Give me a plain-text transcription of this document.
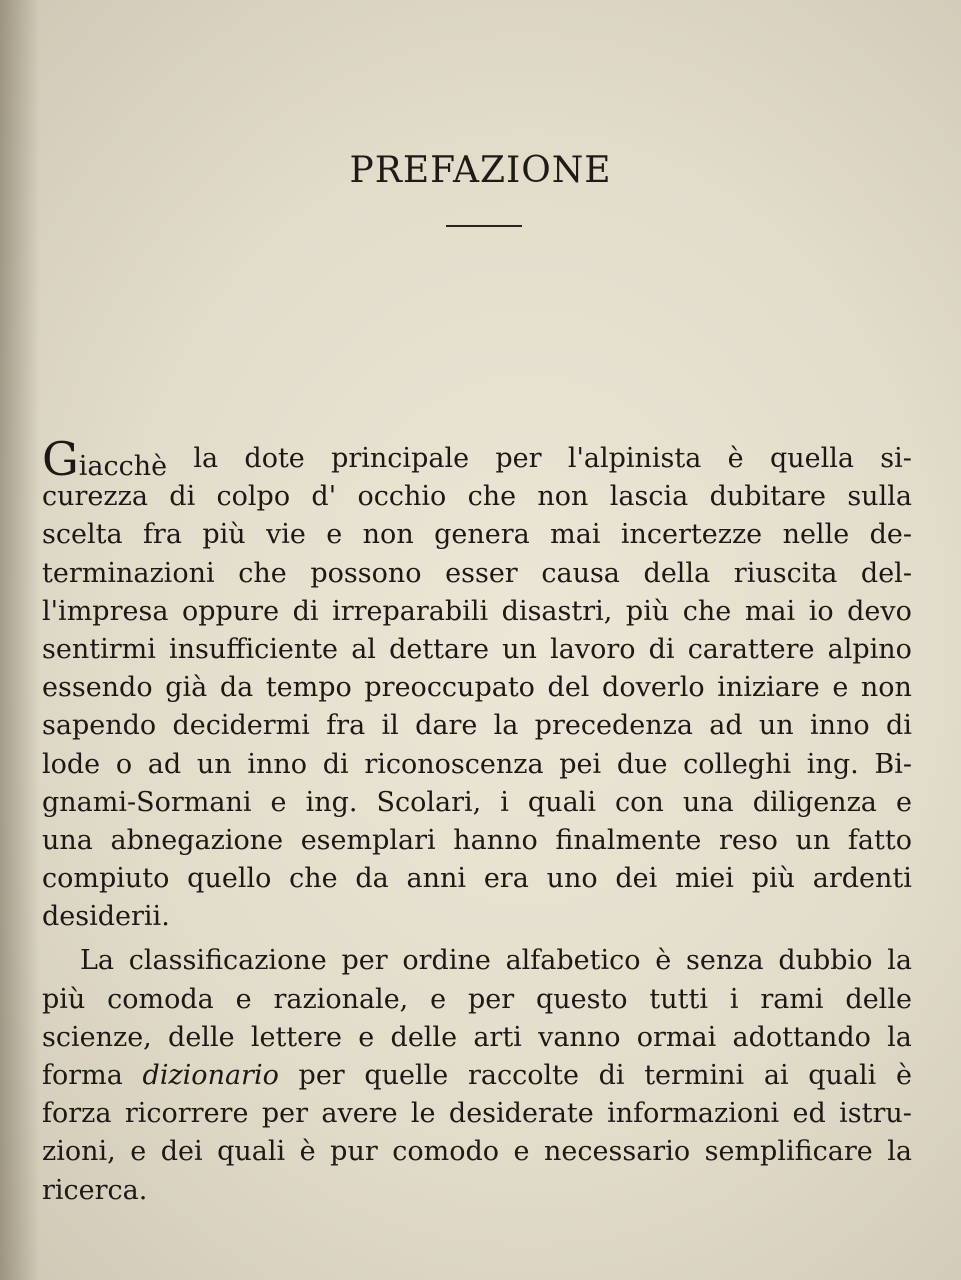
PREFAZIONE
Giacchè la dote principale per l'alpinista è quella si-
curezza di colpo d' occhio che non lascia dubitare sulla
scelta fra più vie e non genera mai incertezze nelle de-
terminazioni che possono esser causa della riuscita del-
l'impresa oppure di irreparabili disastri, più che mai io devo
sentirmi insufficiente al dettare un lavoro di carattere alpino
essendo già da tempo preoccupato del doverlo iniziare e non
sapendo decidermi fra il dare la precedenza ad un inno di
lode o ad un inno di riconoscenza pei due colleghi ing. Bi-
gnami-Sormani e ing. Scolari, i quali con una diligenza e
una abnegazione esemplari hanno finalmente reso un fatto
compiuto quello che da anni era uno dei miei più ardenti
desiderii.
La classificazione per ordine alfabetico è senza dubbio la
più comoda e razionale, e per questo tutti i rami delle
scienze, delle lettere e delle arti vanno ormai adottando la
forma dizionario per quelle raccolte di termini ai quali è
forza ricorrere per avere le desiderate informazioni ed istru-
zioni, e dei quali è pur comodo e necessario semplificare la
ricerca.
